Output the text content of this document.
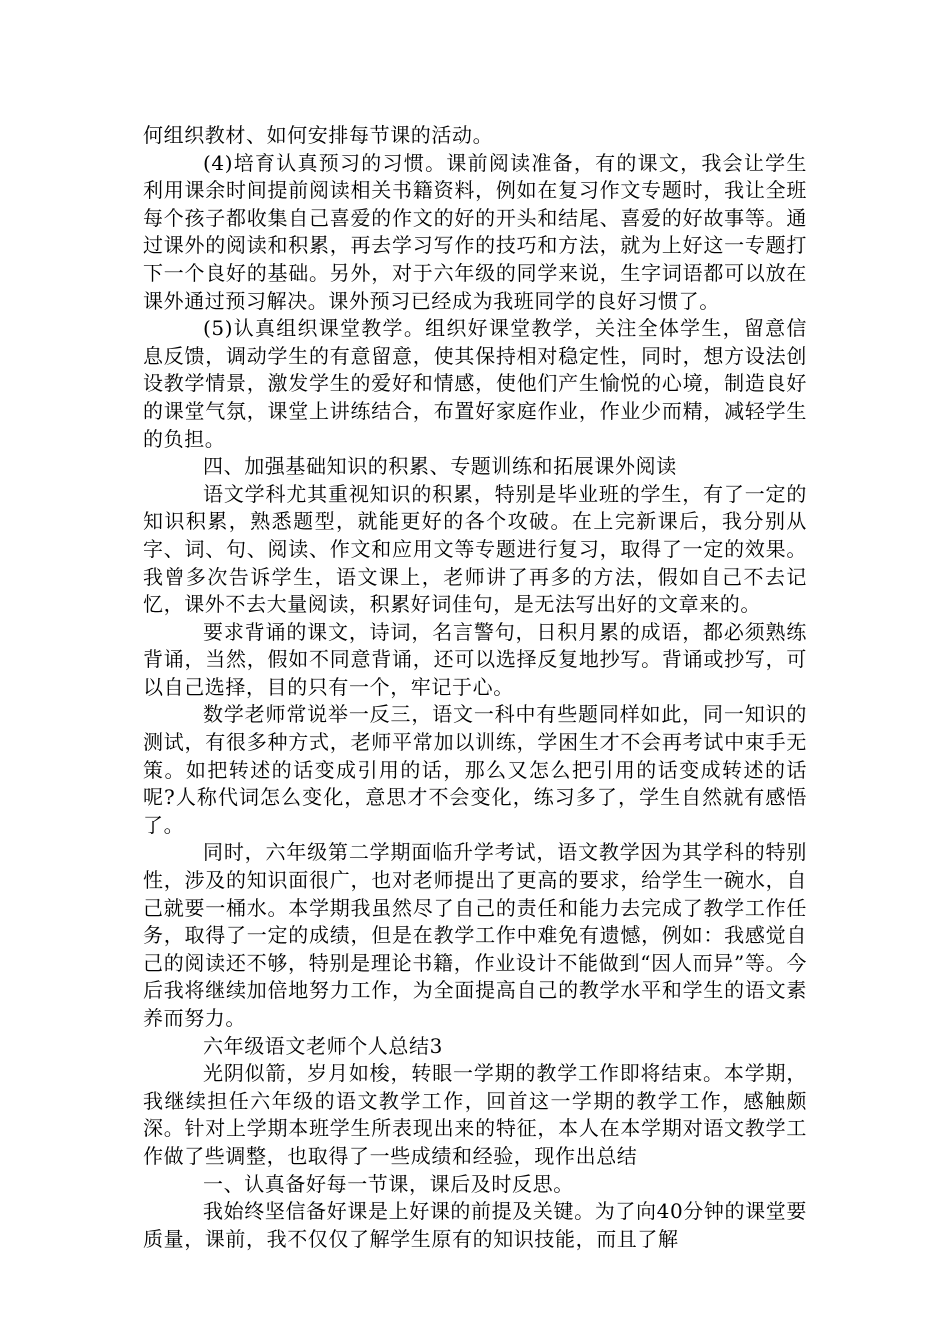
何组织教材、如何安排每节课的活动。

(4)培育认真预习的习惯。课前阅读准备，有的课文，我会让学生利用课余时间提前阅读相关书籍资料，例如在复习作文专题时，我让全班每个孩子都收集自己喜爱的作文的好的开头和结尾、喜爱的好故事等。通过课外的阅读和积累，再去学习写作的技巧和方法，就为上好这一专题打下一个良好的基础。另外，对于六年级的同学来说，生字词语都可以放在课外通过预习解决。课外预习已经成为我班同学的良好习惯了。

(5)认真组织课堂教学。组织好课堂教学，关注全体学生，留意信息反馈，调动学生的有意留意，使其保持相对稳定性，同时，想方设法创设教学情景，激发学生的爱好和情感，使他们产生愉悦的心境，制造良好的课堂气氛，课堂上讲练结合，布置好家庭作业，作业少而精，减轻学生的负担。

四、加强基础知识的积累、专题训练和拓展课外阅读

语文学科尤其重视知识的积累，特别是毕业班的学生，有了一定的知识积累，熟悉题型，就能更好的各个攻破。在上完新课后，我分别从字、词、句、阅读、作文和应用文等专题进行复习，取得了一定的效果。我曾多次告诉学生，语文课上，老师讲了再多的方法，假如自己不去记忆，课外不去大量阅读，积累好词佳句，是无法写出好的文章来的。

要求背诵的课文，诗词，名言警句，日积月累的成语，都必须熟练背诵，当然，假如不同意背诵，还可以选择反复地抄写。背诵或抄写，可以自己选择，目的只有一个，牢记于心。

数学老师常说举一反三，语文一科中有些题同样如此，同一知识的测试，有很多种方式，老师平常加以训练，学困生才不会再考试中束手无策。如把转述的话变成引用的话，那么又怎么把引用的话变成转述的话呢?人称代词怎么变化，意思才不会变化，练习多了，学生自然就有感悟了。

同时，六年级第二学期面临升学考试，语文教学因为其学科的特别性，涉及的知识面很广，也对老师提出了更高的要求，给学生一碗水，自己就要一桶水。本学期我虽然尽了自己的责任和能力去完成了教学工作任务，取得了一定的成绩，但是在教学工作中难免有遗憾，例如：我感觉自己的阅读还不够，特别是理论书籍，作业设计不能做到“因人而异”等。今后我将继续加倍地努力工作，为全面提高自己的教学水平和学生的语文素养而努力。

六年级语文老师个人总结3

光阴似箭，岁月如梭，转眼一学期的教学工作即将结束。本学期，我继续担任六年级的语文教学工作，回首这一学期的教学工作，感触颇深。针对上学期本班学生所表现出来的特征，本人在本学期对语文教学工作做了些调整，也取得了一些成绩和经验，现作出总结

一、认真备好每一节课，课后及时反思。

我始终坚信备好课是上好课的前提及关键。为了向40分钟的课堂要质量，课前，我不仅仅了解学生原有的知识技能，而且了解
